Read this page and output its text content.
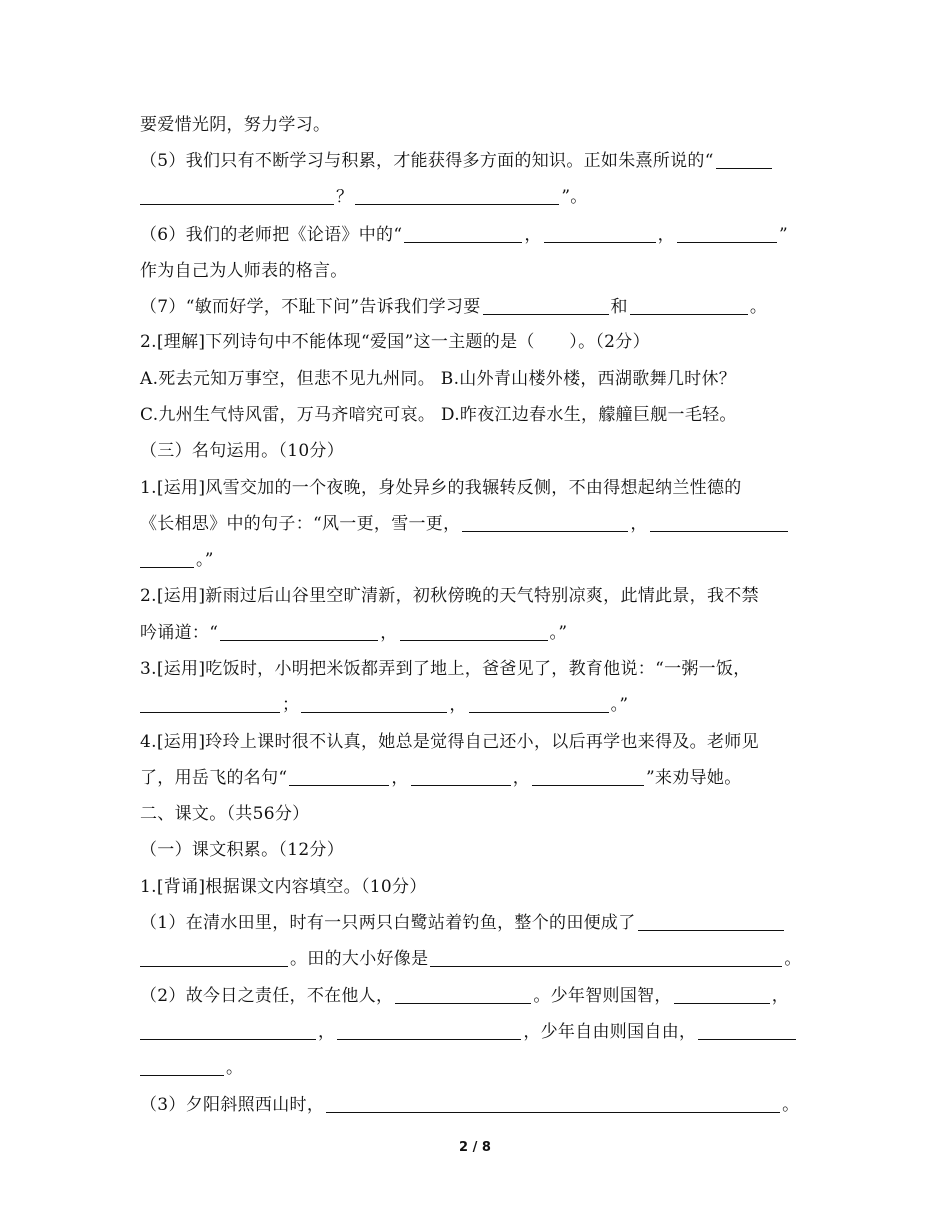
要爱惜光阴，努力学习。
（5）我们只有不断学习与积累，才能获得多方面的知识。正如朱熹所说的“
？	”。
（6）我们的老师把《论语》中的“	，	，	”
作为自己为人师表的格言。
（7）“敏而好学，不耻下问”告诉我们学习要	和	。
2.[理解]下列诗句中不能体现“爱国”这一主题的是（　　）。（2分）
A.死去元知万事空，但悲不见九州同。 B.山外青山楼外楼，西湖歌舞几时休？
C.九州生气恃风雷，万马齐喑究可哀。 D.昨夜江边春水生，艨艟巨舰一毛轻。
（三）名句运用。（10分）
1.[运用]风雪交加的一个夜晚，身处异乡的我辗转反侧，不由得想起纳兰性德的
《长相思》中的句子：“风一更，雪一更，	，
。”
2.[运用]新雨过后山谷里空旷清新，初秋傍晚的天气特别凉爽，此情此景，我不禁
吟诵道：“	，	。”
3.[运用]吃饭时，小明把米饭都弄到了地上，爸爸见了，教育他说：“一粥一饭，
；	，	。”
4.[运用]玲玲上课时很不认真，她总是觉得自己还小，以后再学也来得及。老师见
了，用岳飞的名句“	，	，	”来劝导她。
二、课文。（共56分）
（一）课文积累。（12分）
1.[背诵]根据课文内容填空。（10分）
（1）在清水田里，时有一只两只白鹭站着钓鱼，整个的田便成了
。田的大小好像是	。
（2）故今日之责任，不在他人，	。少年智则国智，	，
，	，少年自由则国自由，
。
（3）夕阳斜照西山时，	。
2 / 8
